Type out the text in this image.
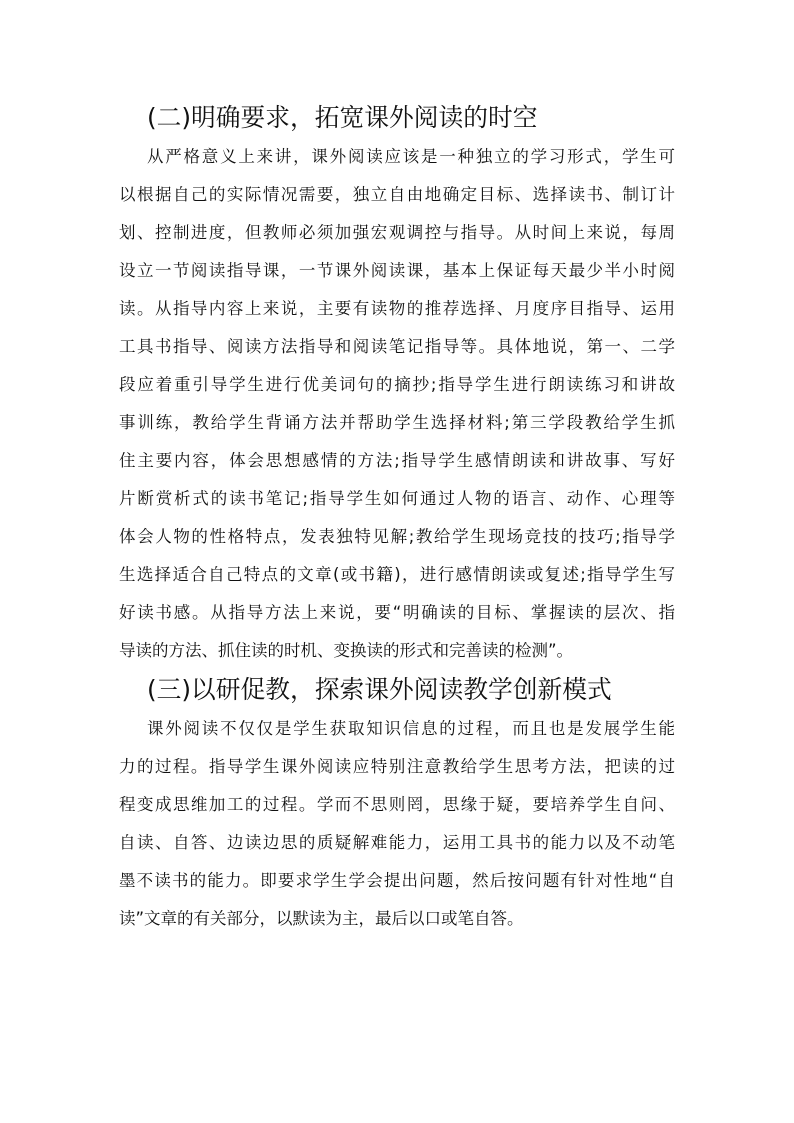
(二)明确要求，拓宽课外阅读的时空
从严格意义上来讲，课外阅读应该是一种独立的学习形式，学生可
以根据自己的实际情况需要，独立自由地确定目标、选择读书、制订计
划、控制进度，但教师必须加强宏观调控与指导。从时间上来说，每周
设立一节阅读指导课，一节课外阅读课，基本上保证每天最少半小时阅
读。从指导内容上来说，主要有读物的推荐选择、月度序目指导、运用
工具书指导、阅读方法指导和阅读笔记指导等。具体地说，第一、二学
段应着重引导学生进行优美词句的摘抄;指导学生进行朗读练习和讲故
事训练，教给学生背诵方法并帮助学生选择材料;第三学段教给学生抓
住主要内容，体会思想感情的方法;指导学生感情朗读和讲故事、写好
片断赏析式的读书笔记;指导学生如何通过人物的语言、动作、心理等
体会人物的性格特点，发表独特见解;教给学生现场竞技的技巧;指导学
生选择适合自己特点的文章(或书籍)，进行感情朗读或复述;指导学生写
好读书感。从指导方法上来说，要“明确读的目标、掌握读的层次、指
导读的方法、抓住读的时机、变换读的形式和完善读的检测”。
(三)以研促教，探索课外阅读教学创新模式
课外阅读不仅仅是学生获取知识信息的过程，而且也是发展学生能
力的过程。指导学生课外阅读应特别注意教给学生思考方法，把读的过
程变成思维加工的过程。学而不思则罔，思缘于疑，要培养学生自问、
自读、自答、边读边思的质疑解难能力，运用工具书的能力以及不动笔
墨不读书的能力。即要求学生学会提出问题，然后按问题有针对性地“自
读”文章的有关部分，以默读为主，最后以口或笔自答。
